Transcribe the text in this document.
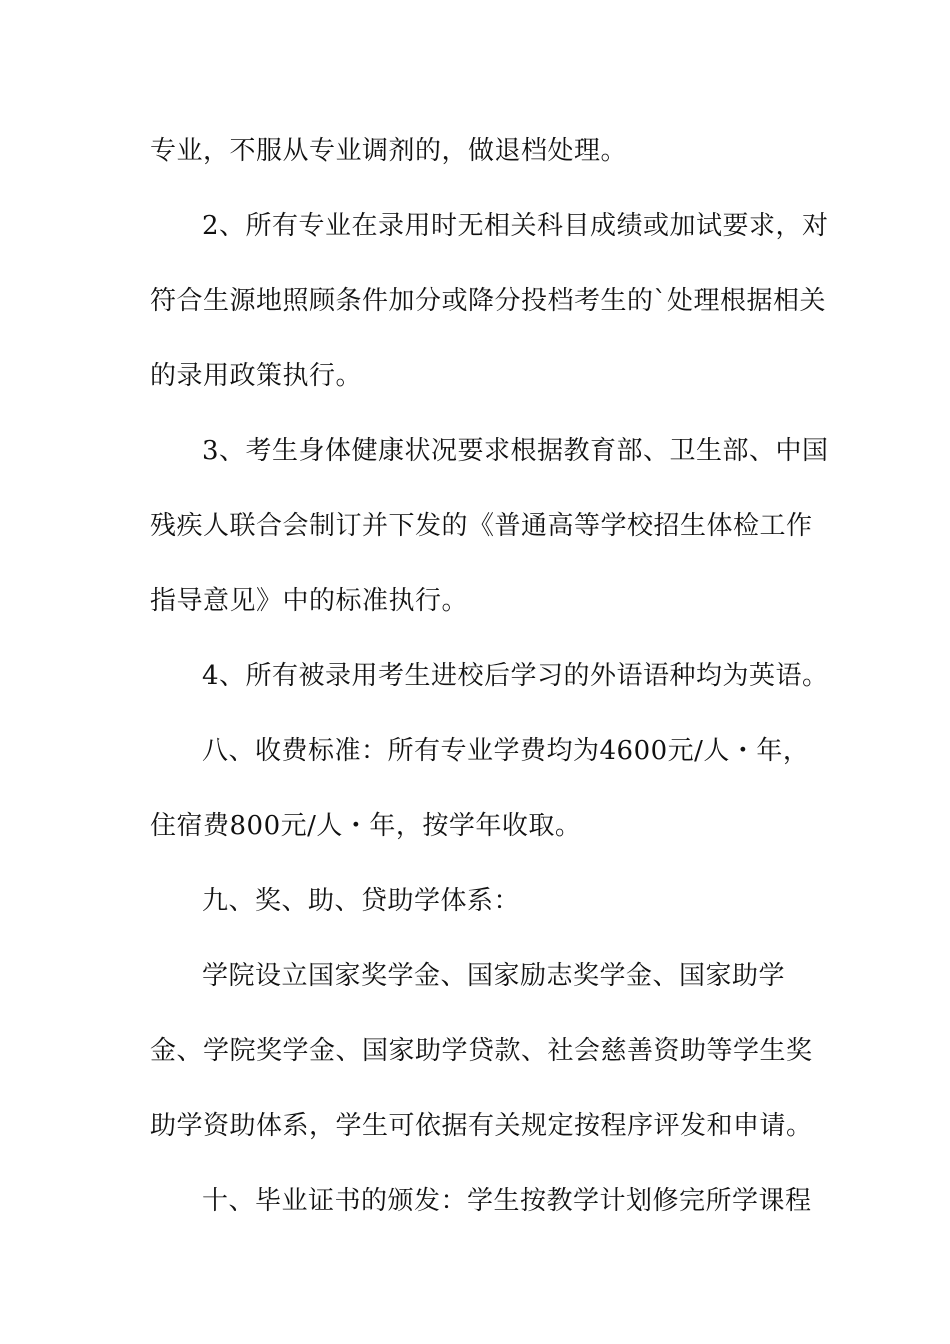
专业，不服从专业调剂的，做退档处理。
2、所有专业在录用时无相关科目成绩或加试要求，对
符合生源地照顾条件加分或降分投档考生的`处理根据相关
的录用政策执行。
3、考生身体健康状况要求根据教育部、卫生部、中国
残疾人联合会制订并下发的《普通高等学校招生体检工作
指导意见》中的标准执行。
4、所有被录用考生进校后学习的外语语种均为英语。
八、收费标准：所有专业学费均为4600元/人・年，
住宿费800元/人・年，按学年收取。
九、奖、助、贷助学体系：
学院设立国家奖学金、国家励志奖学金、国家助学
金、学院奖学金、国家助学贷款、社会慈善资助等学生奖
助学资助体系，学生可依据有关规定按程序评发和申请。
十、毕业证书的颁发：学生按教学计划修完所学课程
